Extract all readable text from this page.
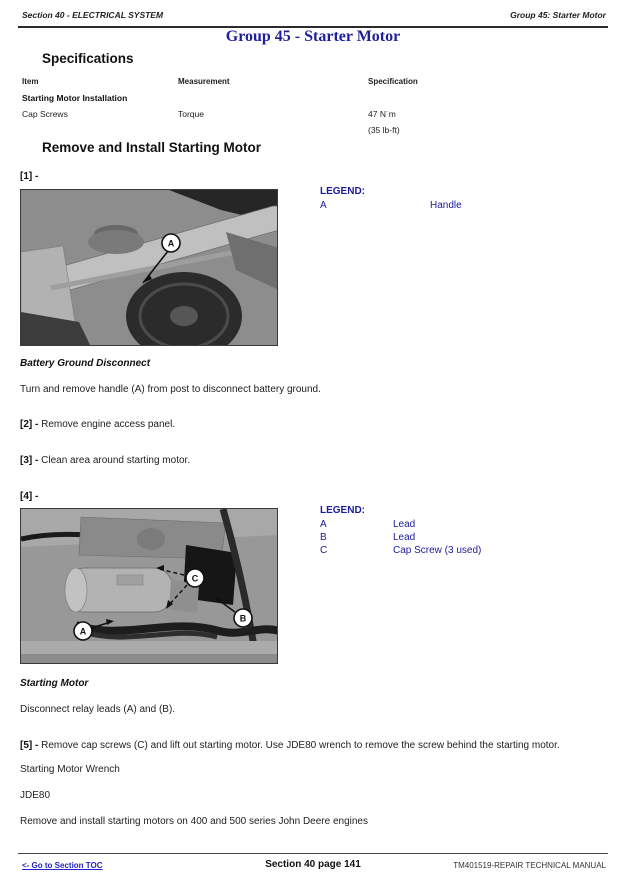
Section 40 - ELECTRICAL SYSTEM	Group 45: Starter Motor
Group 45 - Starter Motor
Specifications
Item	Measurement	Specification
Starting Motor Installation
Cap Screws	Torque	47 N˙m
(35 lb-ft)
Remove and Install Starting Motor
[1] -
A
LEGEND:
A	Handle
Battery Ground Disconnect
Turn and remove handle (A) from post to disconnect battery ground.
[2] - Remove engine access panel.
[3] - Clean area around starting motor.
[4] -
C
B
A
LEGEND:
A	Lead
B	Lead
C	Cap Screw (3 used)
Starting Motor
Disconnect relay leads (A) and (B).
[5] - Remove cap screws (C) and lift out starting motor. Use JDE80 wrench to remove the screw behind the starting motor.
Starting Motor Wrench
JDE80
Remove and install starting motors on 400 and 500 series John Deere engines
<- Go to Section TOC	Section 40 page 141	TM401519-REPAIR TECHNICAL MANUAL
